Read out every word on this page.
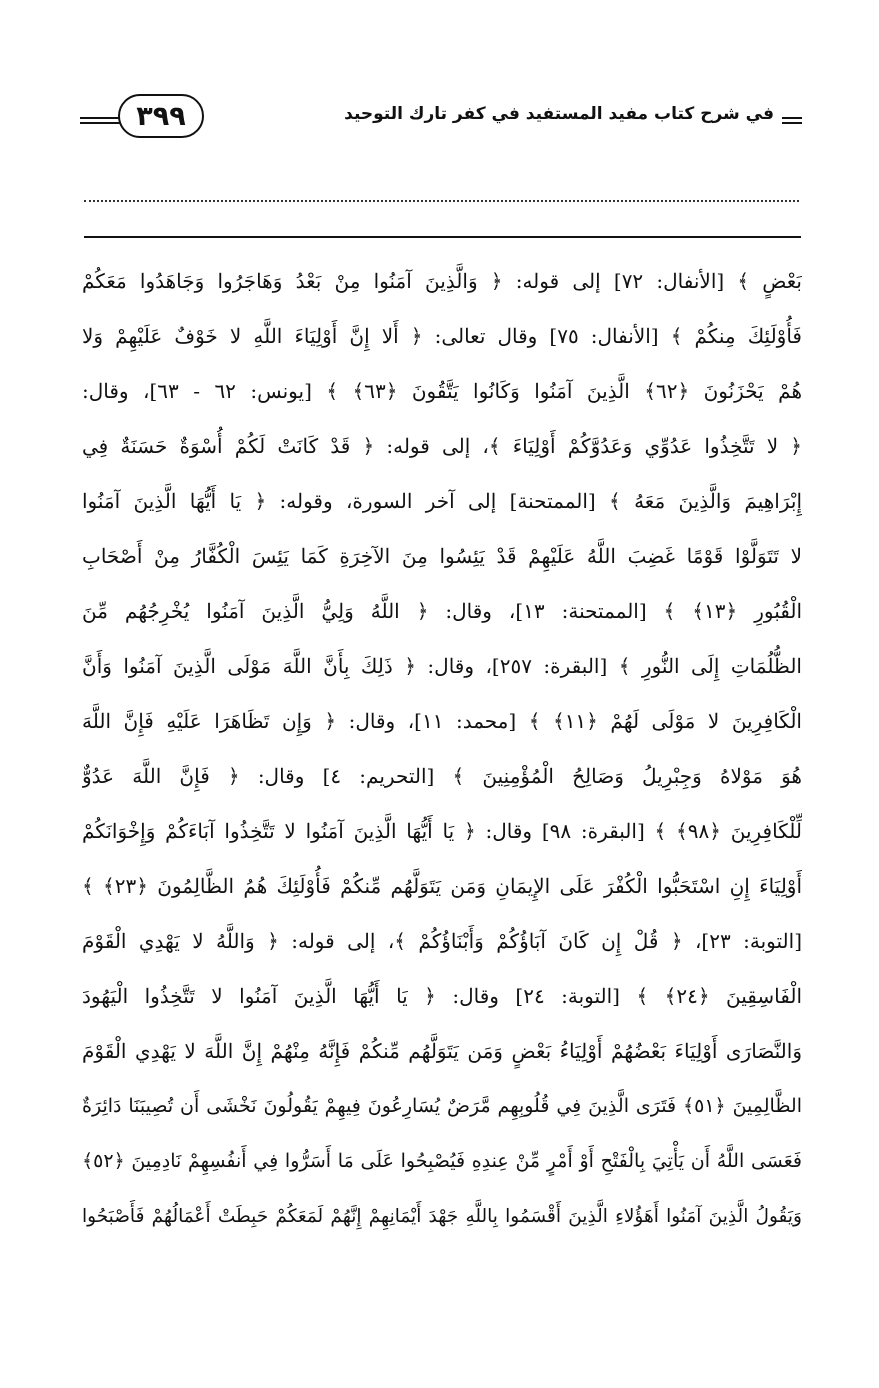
في شرح كتاب مفيد المستفيد في كفر تارك التوحيد
٣٩٩
بَعْضٍ ﴾ [الأنفال: ٧٢] إلى قوله: ﴿ وَالَّذِينَ آمَنُوا مِنْ بَعْدُ وَهَاجَرُوا وَجَاهَدُوا مَعَكُمْ
فَأُوْلَئِكَ مِنكُمْ ﴾ [الأنفال: ٧٥] وقال تعالى: ﴿ أَلا إِنَّ أَوْلِيَاءَ اللَّهِ لا خَوْفٌ عَلَيْهِمْ وَلا
هُمْ يَحْزَنُونَ ﴿٦٢﴾ الَّذِينَ آمَنُوا وَكَانُوا يَتَّقُونَ ﴿٦٣﴾ ﴾ [يونس: ٦٢ - ٦٣]، وقال:
﴿ لا تَتَّخِذُوا عَدُوِّي وَعَدُوَّكُمْ أَوْلِيَاءَ ﴾، إلى قوله: ﴿ قَدْ كَانَتْ لَكُمْ أُسْوَةٌ حَسَنَةٌ فِي
إِبْرَاهِيمَ وَالَّذِينَ مَعَهُ ﴾ [الممتحنة] إلى آخر السورة، وقوله: ﴿ يَا أَيُّهَا الَّذِينَ آمَنُوا
لا تَتَوَلَّوْا قَوْمًا غَضِبَ اللَّهُ عَلَيْهِمْ قَدْ يَئِسُوا مِنَ الآخِرَةِ كَمَا يَئِسَ الْكُفَّارُ مِنْ أَصْحَابِ
الْقُبُورِ ﴿١٣﴾ ﴾ [الممتحنة: ١٣]، وقال: ﴿ اللَّهُ وَلِيُّ الَّذِينَ آمَنُوا يُخْرِجُهُم مِّنَ
الظُّلُمَاتِ إِلَى النُّورِ ﴾ [البقرة: ٢٥٧]، وقال: ﴿ ذَلِكَ بِأَنَّ اللَّهَ مَوْلَى الَّذِينَ آمَنُوا وَأَنَّ
الْكَافِرِينَ لا مَوْلَى لَهُمْ ﴿١١﴾ ﴾ [محمد: ١١]، وقال: ﴿ وَإِن تَظَاهَرَا عَلَيْهِ فَإِنَّ اللَّهَ
هُوَ مَوْلاهُ وَجِبْرِيلُ وَصَالِحُ الْمُؤْمِنِينَ ﴾ [التحريم: ٤] وقال: ﴿ فَإِنَّ اللَّهَ عَدُوٌّ
لِّلْكَافِرِينَ ﴿٩٨﴾ ﴾ [البقرة: ٩٨] وقال: ﴿ يَا أَيُّهَا الَّذِينَ آمَنُوا لا تَتَّخِذُوا آبَاءَكُمْ وَإِخْوَانَكُمْ
أَوْلِيَاءَ إِنِ اسْتَحَبُّوا الْكُفْرَ عَلَى الإِيمَانِ وَمَن يَتَوَلَّهُم مِّنكُمْ فَأُوْلَئِكَ هُمُ الظَّالِمُونَ ﴿٢٣﴾ ﴾
[التوبة: ٢٣]، ﴿ قُلْ إِن كَانَ آبَاؤُكُمْ وَأَبْنَاؤُكُمْ ﴾، إلى قوله: ﴿ وَاللَّهُ لا يَهْدِي الْقَوْمَ
الْفَاسِقِينَ ﴿٢٤﴾ ﴾ [التوبة: ٢٤] وقال: ﴿ يَا أَيُّهَا الَّذِينَ آمَنُوا لا تَتَّخِذُوا الْيَهُودَ
وَالنَّصَارَى أَوْلِيَاءَ بَعْضُهُمْ أَوْلِيَاءُ بَعْضٍ وَمَن يَتَوَلَّهُم مِّنكُمْ فَإِنَّهُ مِنْهُمْ إِنَّ اللَّهَ لا يَهْدِي الْقَوْمَ
الظَّالِمِينَ ﴿٥١﴾ فَتَرَى الَّذِينَ فِي قُلُوبِهِم مَّرَضٌ يُسَارِعُونَ فِيهِمْ يَقُولُونَ نَخْشَى أَن تُصِيبَنَا دَائِرَةٌ
فَعَسَى اللَّهُ أَن يَأْتِيَ بِالْفَتْحِ أَوْ أَمْرٍ مِّنْ عِندِهِ فَيُصْبِحُوا عَلَى مَا أَسَرُّوا فِي أَنفُسِهِمْ نَادِمِينَ ﴿٥٢﴾
وَيَقُولُ الَّذِينَ آمَنُوا أَهَؤُلاءِ الَّذِينَ أَقْسَمُوا بِاللَّهِ جَهْدَ أَيْمَانِهِمْ إِنَّهُمْ لَمَعَكُمْ حَبِطَتْ أَعْمَالُهُمْ فَأَصْبَحُوا
